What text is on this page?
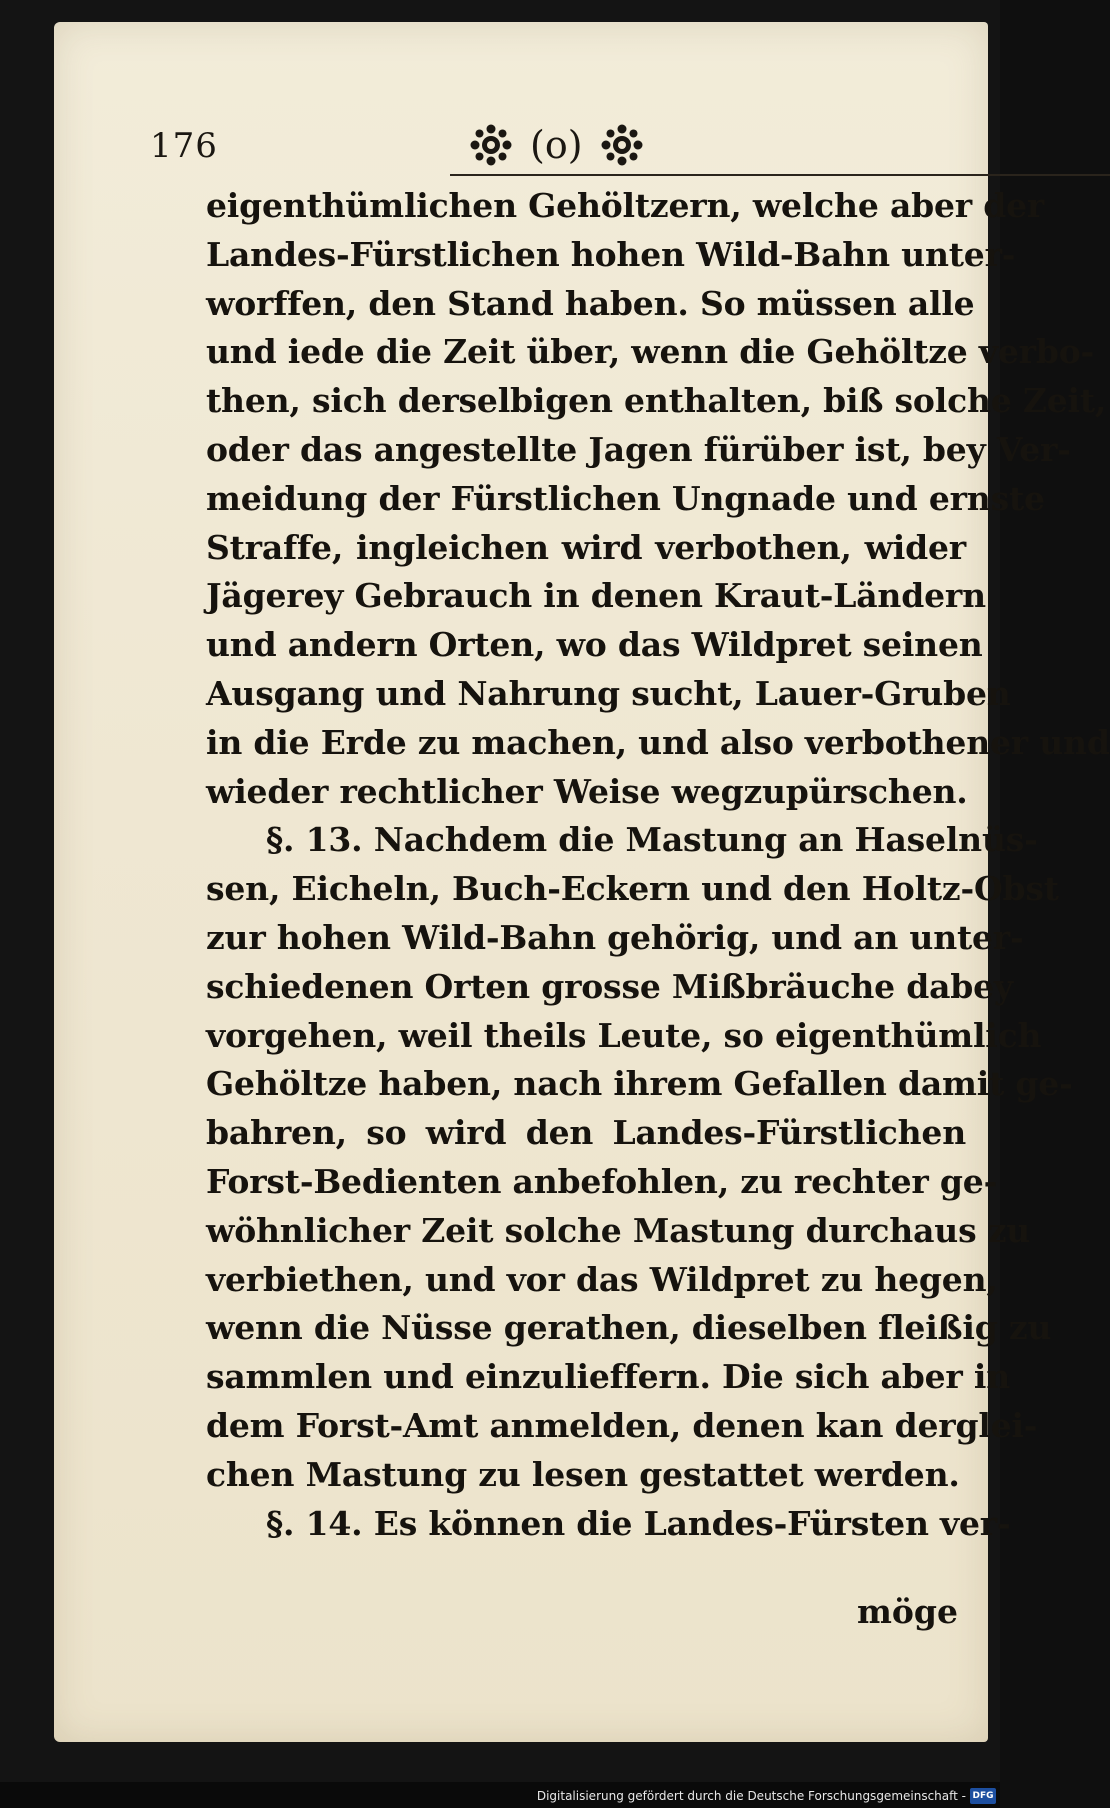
176	(o)
eigenthümlichen Gehöltzern, welche aber der
Landes-Fürstlichen hohen Wild-Bahn unter-
worffen, den Stand haben. So müssen alle
und iede die Zeit über, wenn die Gehöltze verbo-
then, sich derselbigen enthalten, biß solche Zeit,
oder das angestellte Jagen fürüber ist, bey Ver-
meidung der Fürstlichen Ungnade und ernste
Straffe, ingleichen wird verbothen, wider
Jägerey Gebrauch in denen Kraut-Ländern
und andern Orten, wo das Wildpret seinen
Ausgang und Nahrung sucht, Lauer-Gruben
in die Erde zu machen, und also verbothener und
wieder rechtlicher Weise wegzupürschen.
§. 13. Nachdem die Mastung an Haselnüs-
sen, Eicheln, Buch-Eckern und den Holtz-Obst
zur hohen Wild-Bahn gehörig, und an unter-
schiedenen Orten grosse Mißbräuche dabey
vorgehen, weil theils Leute, so eigenthümlich
Gehöltze haben, nach ihrem Gefallen damit ge-
bahren, so wird den Landes-Fürstlichen
Forst-Bedienten anbefohlen, zu rechter ge-
wöhnlicher Zeit solche Mastung durchaus zu
verbiethen, und vor das Wildpret zu hegen,
wenn die Nüsse gerathen, dieselben fleißig zu
sammlen und einzulieffern. Die sich aber in
dem Forst-Amt anmelden, denen kan derglei-
chen Mastung zu lesen gestattet werden.
§. 14. Es können die Landes-Fürsten ver-
möge
Digitalisierung gefördert durch die Deutsche Forschungsgemeinschaft - DFG
